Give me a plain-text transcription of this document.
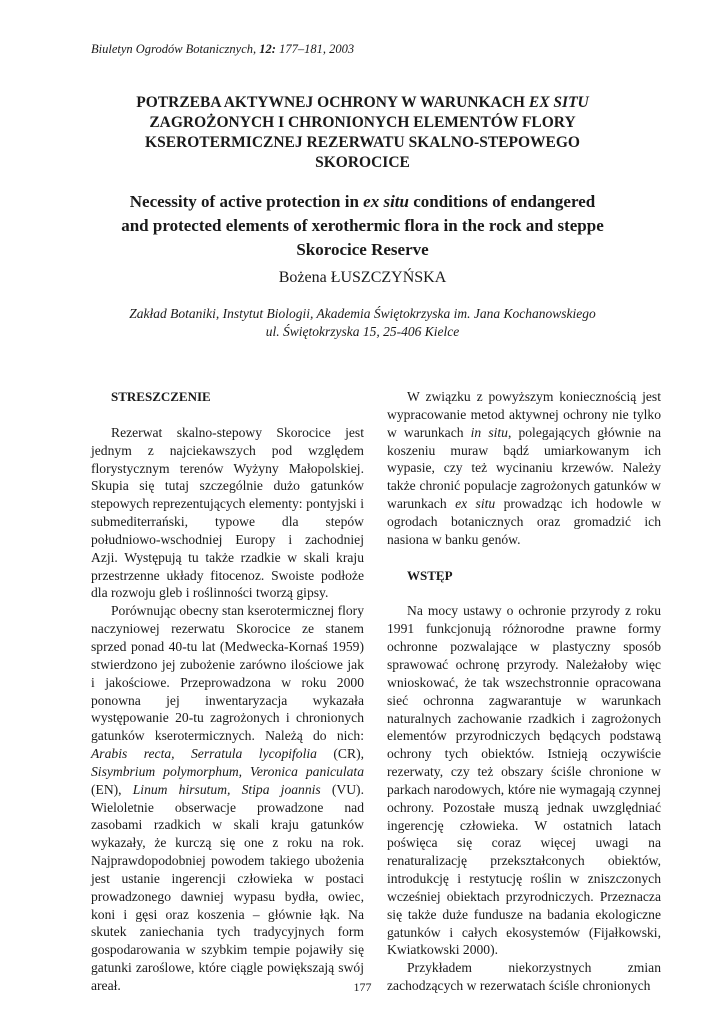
Biuletyn Ogrodów Botanicznych, 12: 177–181, 2003
POTRZEBA AKTYWNEJ OCHRONY W WARUNKACH EX SITU
ZAGROŻONYCH I CHRONIONYCH ELEMENTÓW FLORY
KSEROTERMICZNEJ REZERWATU SKALNO-STEPOWEGO
SKOROCICE
Necessity of active protection in ex situ conditions of endangered
and protected elements of xerothermic flora in the rock and steppe
Skorocice Reserve
Bożena ŁUSZCZYŃSKA
Zakład Botaniki, Instytut Biologii, Akademia Świętokrzyska im. Jana Kochanowskiego
ul. Świętokrzyska 15, 25-406 Kielce

STRESZCZENIE

Rezerwat skalno-stepowy Skorocice jest jednym z najciekawszych pod względem florystycznym terenów Wyżyny Małopolskiej. Skupia się tutaj szczególnie dużo gatunków stepowych reprezentujących elementy: pontyjski i submediterrański, typowe dla stepów południowo-wschodniej Europy i zachodniej Azji. Występują tu także rzadkie w skali kraju przestrzenne układy fitocenoz. Swoiste podłoże dla rozwoju gleb i roślinności tworzą gipsy.

Porównując obecny stan kserotermicznej flory naczyniowej rezerwatu Skorocice ze stanem sprzed ponad 40-tu lat (Medwecka-Kornaś 1959) stwierdzono jej zubożenie zarówno ilościowe jak i jakościowe. Przeprowadzona w roku 2000 ponowna jej inwentaryzacja wykazała występowanie 20-tu zagrożonych i chronionych gatunków kserotermicznych. Należą do nich: Arabis recta, Serratula lycopifolia (CR), Sisymbrium polymorphum, Veronica paniculata (EN), Linum hirsutum, Stipa joannis (VU). Wieloletnie obserwacje prowadzone nad zasobami rzadkich w skali kraju gatunków wykazały, że kurczą się one z roku na rok. Najprawdopodobniej powodem takiego ubożenia jest ustanie ingerencji człowieka w postaci prowadzonego dawniej wypasu bydła, owiec, koni i gęsi oraz koszenia – głównie łąk. Na skutek zaniechania tych tradycyjnych form gospodarowania w szybkim tempie pojawiły się gatunki zaroślowe, które ciągle powiększają swój areał.

W związku z powyższym koniecznością jest wypracowanie metod aktywnej ochrony nie tylko w warunkach in situ, polegających głównie na koszeniu muraw bądź umiarkowanym ich wypasie, czy też wycinaniu krzewów. Należy także chronić populacje zagrożonych gatunków w warunkach ex situ prowadząc ich hodowle w ogrodach botanicznych oraz gromadzić ich nasiona w banku genów.

WSTĘP

Na mocy ustawy o ochronie przyrody z roku 1991 funkcjonują różnorodne prawne formy ochronne pozwalające w plastyczny sposób sprawować ochronę przyrody. Należałoby więc wnioskować, że tak wszechstronnie opracowana sieć ochronna zagwarantuje w warunkach naturalnych zachowanie rzadkich i zagrożonych elementów przyrodniczych będących podstawą ochrony tych obiektów. Istnieją oczywiście rezerwaty, czy też obszary ściśle chronione w parkach narodowych, które nie wymagają czynnej ochrony. Pozostałe muszą jednak uwzględniać ingerencję człowieka. W ostatnich latach poświęca się coraz więcej uwagi na renaturalizację przekształconych obiektów, introdukcję i restytucję roślin w zniszczonych wcześniej obiektach przyrodniczych. Przeznacza się także duże fundusze na badania ekologiczne gatunków i całych ekosystemów (Fijałkowski, Kwiatkowski 2000).

Przykładem niekorzystnych zmian zachodzących w rezerwatach ściśle chronionych

177
